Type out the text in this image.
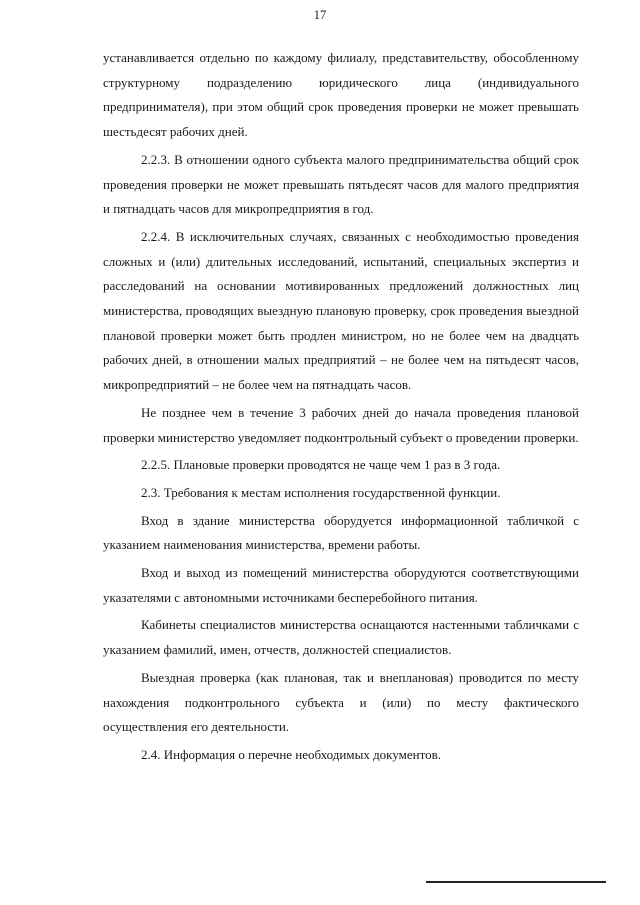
17

устанавливается отдельно по каждому филиалу, представительству, обособленному структурному подразделению юридического лица (индивидуального предпринимателя), при этом общий срок проведения проверки не может превышать шестьдесят рабочих дней.

2.2.3. В отношении одного субъекта малого предпринимательства общий срок проведения проверки не может превышать пятьдесят часов для малого предприятия и пятнадцать часов для микропредприятия в год.

2.2.4. В исключительных случаях, связанных с необходимостью проведения сложных и (или) длительных исследований, испытаний, специальных экспертиз и расследований на основании мотивированных предложений должностных лиц министерства, проводящих выездную плановую проверку, срок проведения выездной плановой проверки может быть продлен министром, но не более чем на двадцать рабочих дней, в отношении малых предприятий – не более чем на пятьдесят часов, микропредприятий – не более чем на пятнадцать часов.

Не позднее чем в течение 3 рабочих дней до начала проведения плановой проверки министерство уведомляет подконтрольный субъект о проведении проверки.

2.2.5. Плановые проверки проводятся не чаще чем 1 раз в 3 года.

2.3. Требования к местам исполнения государственной функции.

Вход в здание министерства оборудуется информационной табличкой с указанием наименования министерства, времени работы.

Вход и выход из помещений министерства оборудуются соответствующими указателями с автономными источниками бесперебойного питания.

Кабинеты специалистов министерства оснащаются настенными табличками с указанием фамилий, имен, отчеств, должностей специалистов.

Выездная проверка (как плановая, так и внеплановая) проводится по месту нахождения подконтрольного субъекта и (или) по месту фактического осуществления его деятельности.

2.4. Информация о перечне необходимых документов.
